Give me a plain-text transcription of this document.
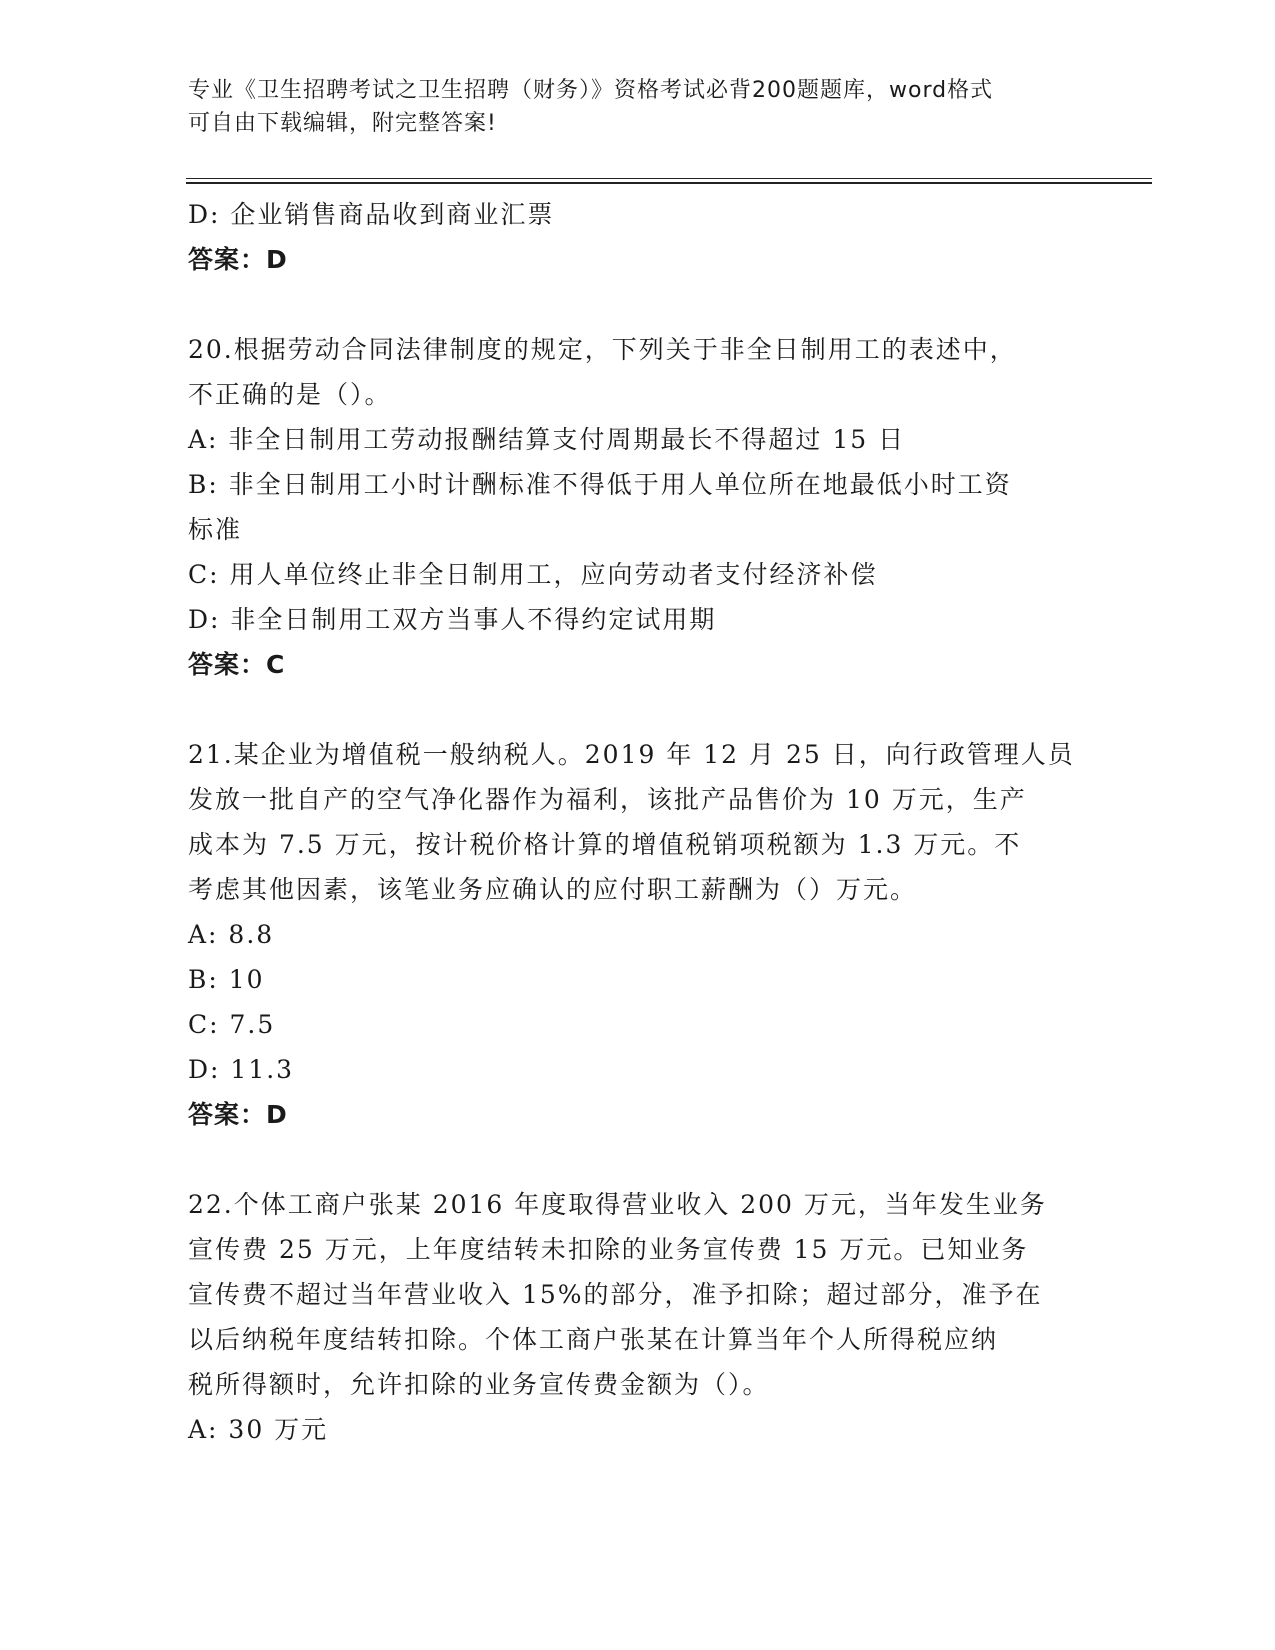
专业《卫生招聘考试之卫生招聘（财务）》资格考试必背200题题库，word格式
可自由下载编辑，附完整答案!
D: 企业销售商品收到商业汇票
答案：D
20.根据劳动合同法律制度的规定，下列关于非全日制用工的表述中，
不正确的是（）。
A: 非全日制用工劳动报酬结算支付周期最长不得超过 15 日
B: 非全日制用工小时计酬标准不得低于用人单位所在地最低小时工资
标准
C: 用人单位终止非全日制用工，应向劳动者支付经济补偿
D: 非全日制用工双方当事人不得约定试用期
答案：C
21.某企业为增值税一般纳税人。2019 年 12 月 25 日，向行政管理人员
发放一批自产的空气净化器作为福利，该批产品售价为 10 万元，生产
成本为 7.5 万元，按计税价格计算的增值税销项税额为 1.3 万元。不
考虑其他因素，该笔业务应确认的应付职工薪酬为（）万元。
A: 8.8
B: 10
C: 7.5
D: 11.3
答案：D
22.个体工商户张某 2016 年度取得营业收入 200 万元，当年发生业务
宣传费 25 万元，上年度结转未扣除的业务宣传费 15 万元。已知业务
宣传费不超过当年营业收入 15%的部分，准予扣除；超过部分，准予在
以后纳税年度结转扣除。个体工商户张某在计算当年个人所得税应纳
税所得额时，允许扣除的业务宣传费金额为（）。
A: 30 万元
